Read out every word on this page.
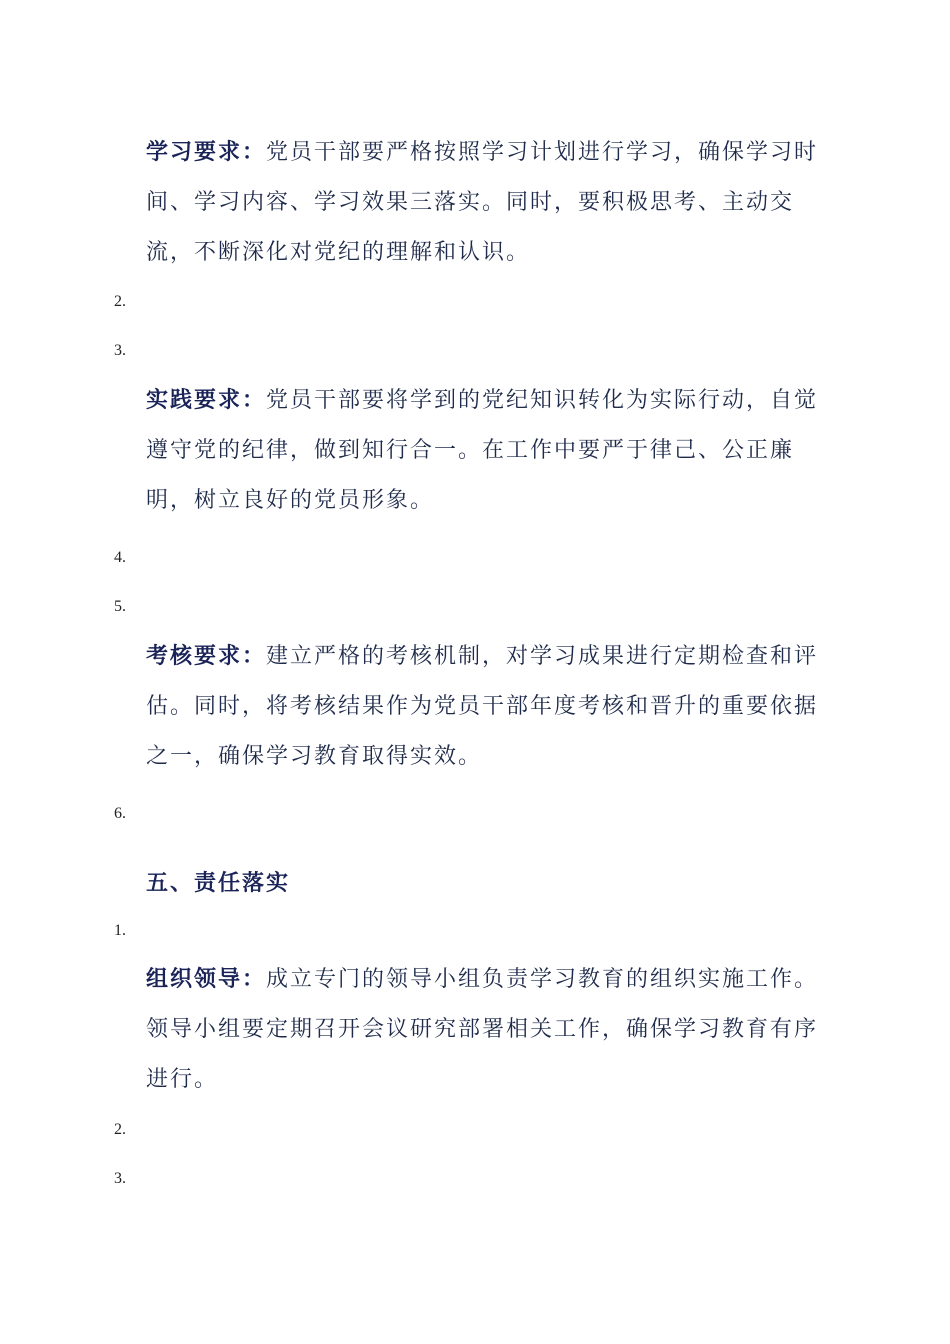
学习要求：党员干部要严格按照学习计划进行学习，确保学习时间、学习内容、学习效果三落实。同时，要积极思考、主动交流，不断深化对党纪的理解和认识。
2.
3.
实践要求：党员干部要将学到的党纪知识转化为实际行动，自觉遵守党的纪律，做到知行合一。在工作中要严于律己、公正廉明，树立良好的党员形象。
4.
5.
考核要求：建立严格的考核机制，对学习成果进行定期检查和评估。同时，将考核结果作为党员干部年度考核和晋升的重要依据之一，确保学习教育取得实效。
6.
五、责任落实
1.
组织领导：成立专门的领导小组负责学习教育的组织实施工作。领导小组要定期召开会议研究部署相关工作，确保学习教育有序进行。
2.
3.
